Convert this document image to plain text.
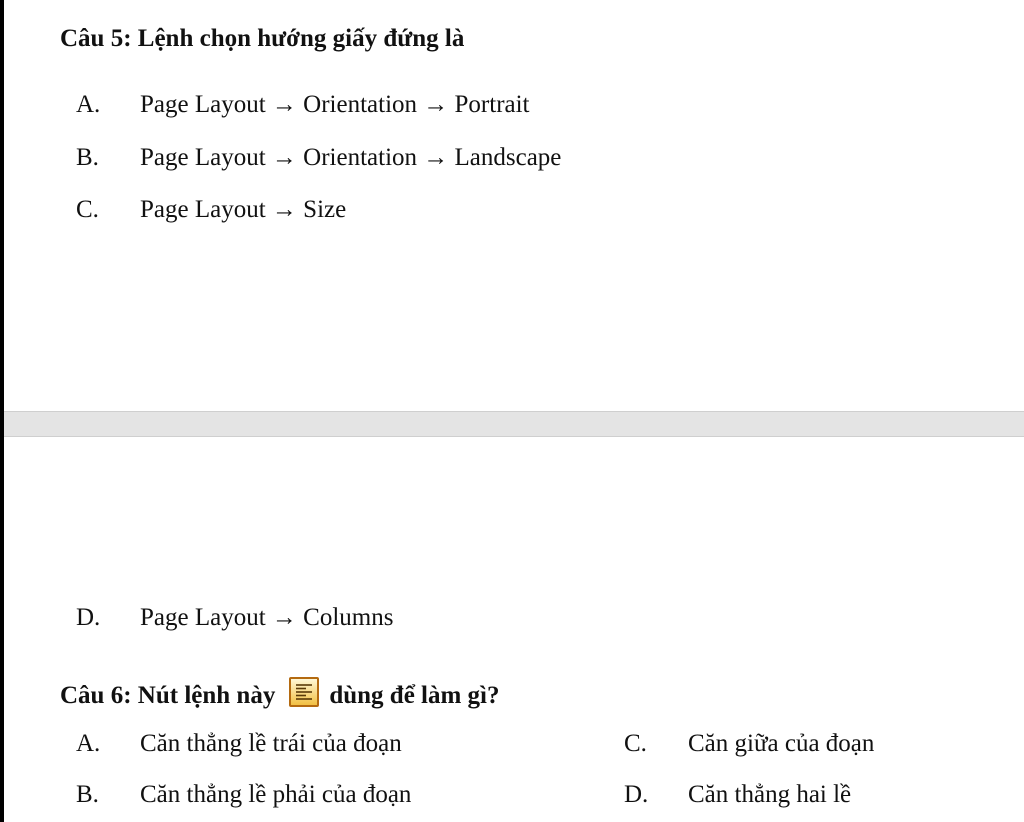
Câu 5: Lệnh chọn hướng giấy đứng là
A. Page Layout → Orientation → Portrait
B. Page Layout → Orientation → Landscape
C. Page Layout → Size
D. Page Layout → Columns
Câu 6: Nút lệnh này dùng để làm gì?
A. Căn thẳng lề trái của đoạn	C. Căn giữa của đoạn
B. Căn thẳng lề phải của đoạn	D. Căn thẳng hai lề
